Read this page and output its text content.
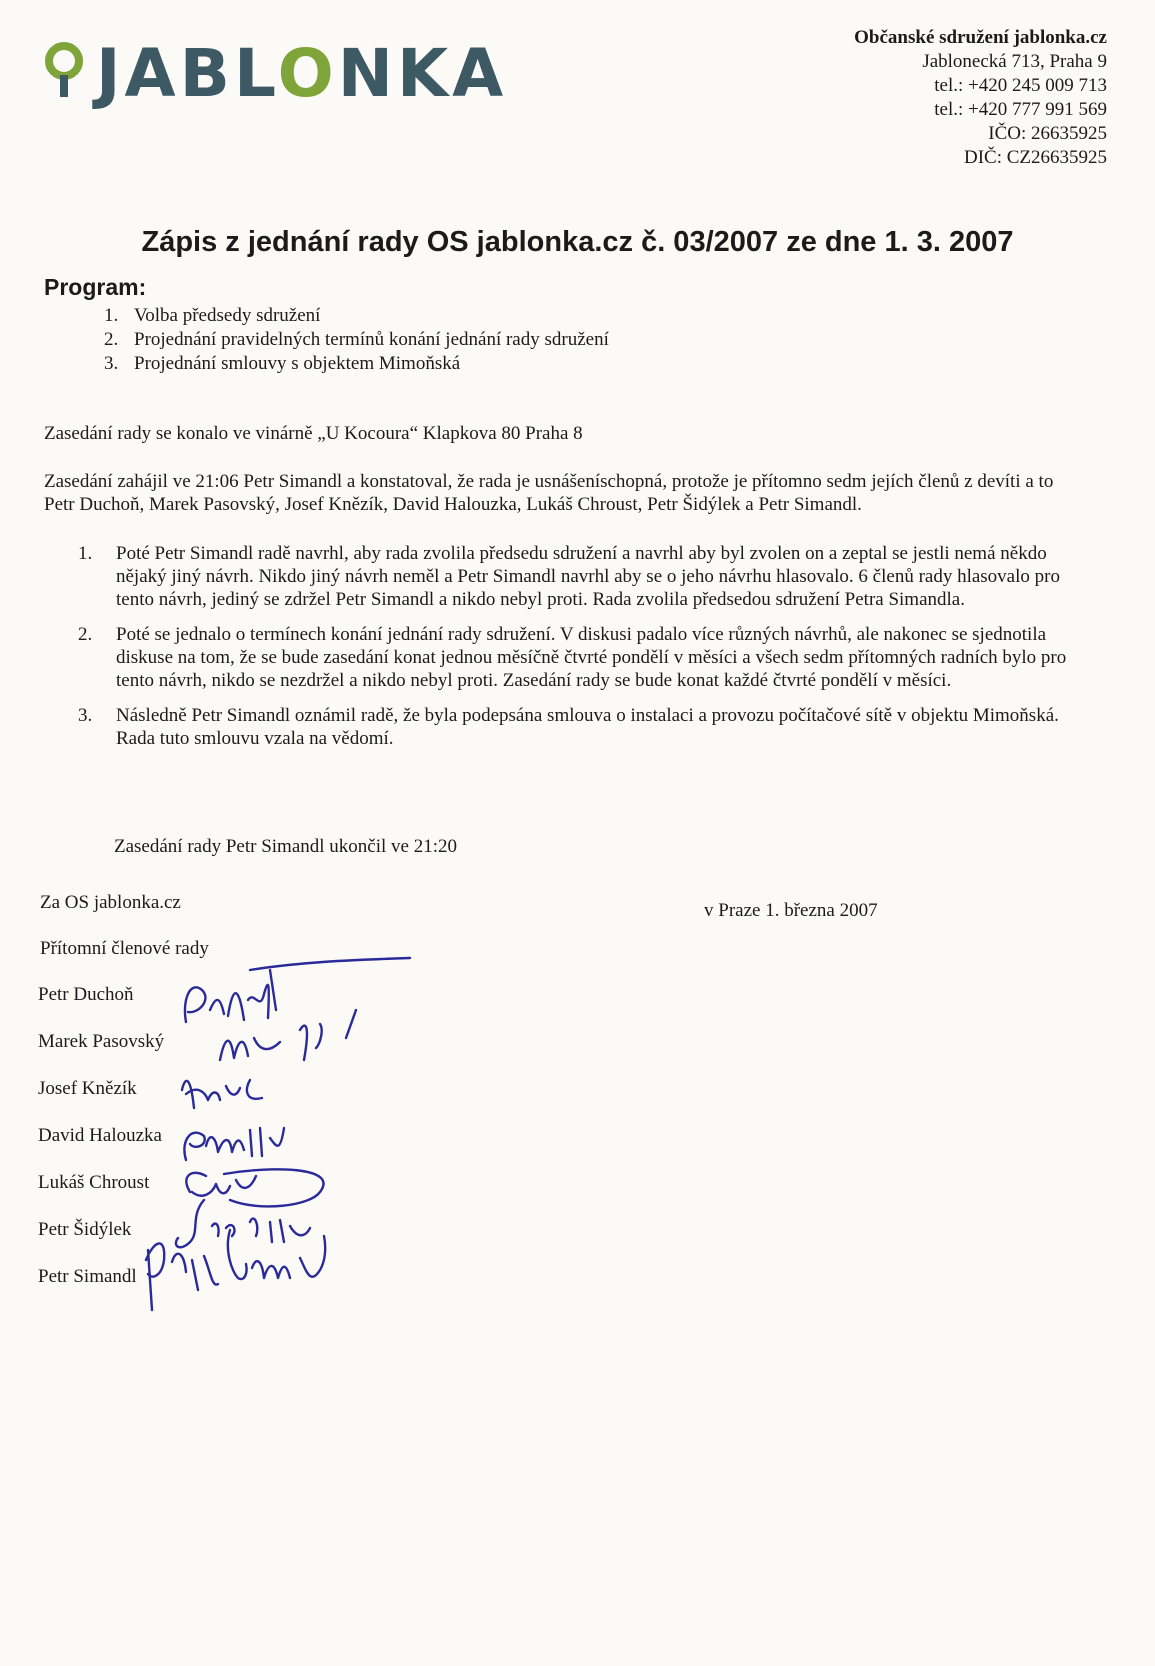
JABLONKA	Občanské sdružení jablonka.cz
Jablonecká 713, Praha 9
tel.: +420 245 009 713
tel.: +420 777 991 569
IČO: 26635925
DIČ: CZ26635925
Zápis z jednání rady OS jablonka.cz č. 03/2007 ze dne 1. 3. 2007
Program:
1. Volba předsedy sdružení
2. Projednání pravidelných termínů konání jednání rady sdružení
3. Projednání smlouvy s objektem Mimoňská
Zasedání rady se konalo ve vinárně „U Kocoura“ Klapkova 80 Praha 8
Zasedání zahájil ve 21:06 Petr Simandl a konstatoval, že rada je usnášeníschopná, protože je přítomno sedm jejích členů z devíti a to Petr Duchoň, Marek Pasovský, Josef Knězík, David Halouzka, Lukáš Chroust, Petr Šidýlek a Petr Simandl.
1.	Poté Petr Simandl radě navrhl, aby rada zvolila předsedu sdružení a navrhl aby byl zvolen on a zeptal se jestli nemá někdo nějaký jiný návrh. Nikdo jiný návrh neměl a Petr Simandl navrhl aby se o jeho návrhu hlasovalo. 6 členů rady hlasovalo pro tento návrh, jediný se zdržel Petr Simandl a nikdo nebyl proti. Rada zvolila předsedou sdružení Petra Simandla.
2.	Poté se jednalo o termínech konání jednání rady sdružení. V diskusi padalo více různých návrhů, ale nakonec se sjednotila diskuse na tom, že se bude zasedání konat jednou měsíčně čtvrté pondělí v měsíci a všech sedm přítomných radních bylo pro tento návrh, nikdo se nezdržel a nikdo nebyl proti. Zasedání rady se bude konat každé čtvrté pondělí v měsíci.
3.	Následně Petr Simandl oznámil radě, že byla podepsána smlouva o instalaci a provozu počítačové sítě v objektu Mimoňská. Rada tuto smlouvu vzala na vědomí.
Zasedání rady Petr Simandl ukončil ve 21:20
Za OS jablonka.cz	v Praze 1. března 2007
Přítomní členové rady
Petr Duchoň
Marek Pasovský
Josef Knězík
David Halouzka
Lukáš Chroust
Petr Šidýlek
Petr Simandl
